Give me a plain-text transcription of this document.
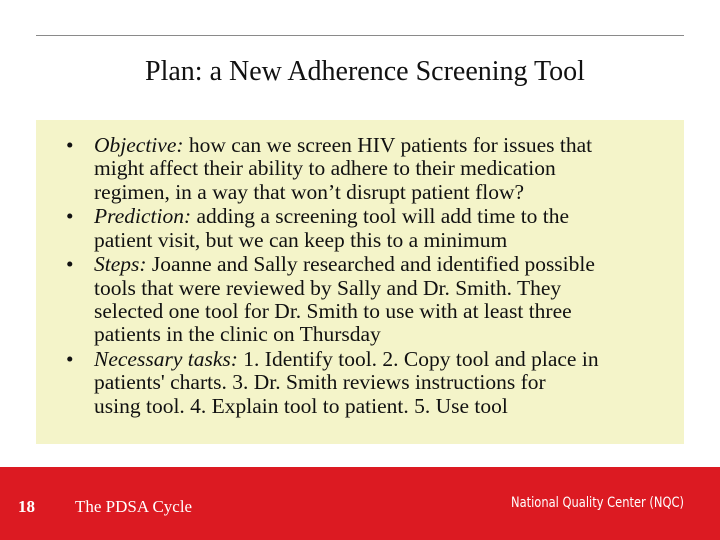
Plan: a New Adherence Screening Tool
• Objective: how can we screen HIV patients for issues that
might affect their ability to adhere to their medication
regimen, in a way that won’t disrupt patient flow?
• Prediction: adding a screening tool will add time to the
patient visit, but we can keep this to a minimum
• Steps: Joanne and Sally researched and identified possible
tools that were reviewed by Sally and Dr. Smith. They
selected one tool for Dr. Smith to use with at least three
patients in the clinic on Thursday
• Necessary tasks: 1. Identify tool. 2. Copy tool and place in
patients' charts. 3. Dr. Smith reviews instructions for
using tool. 4. Explain tool to patient. 5. Use tool
18 The PDSA Cycle	National Quality Center (NQC)
